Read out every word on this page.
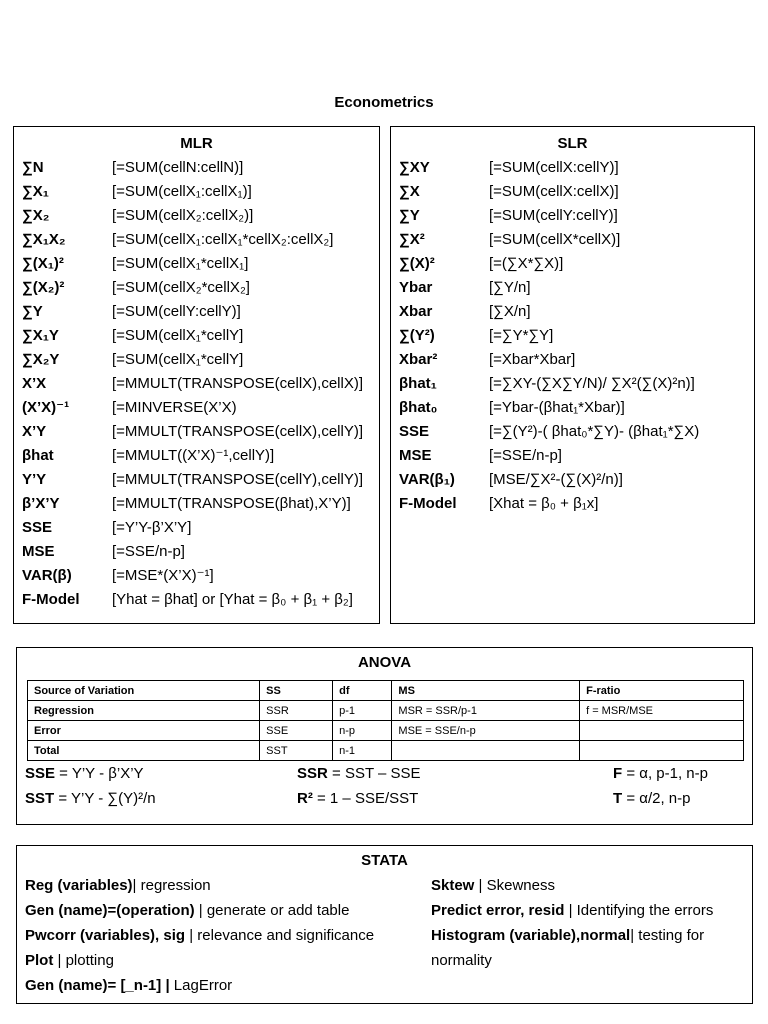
Econometrics
MLR
∑N	[=SUM(cellN:cellN)]
∑X₁	[=SUM(cellX₁:cellX₁)]
∑X₂	[=SUM(cellX₂:cellX₂)]
∑X₁X₂	[=SUM(cellX₁:cellX₁*cellX₂:cellX₂]
∑(X₁)²	[=SUM(cellX₁*cellX₁]
∑(X₂)²	[=SUM(cellX₂*cellX₂]
∑Y	[=SUM(cellY:cellY)]
∑X₁Y	[=SUM(cellX₁*cellY]
∑X₂Y	[=SUM(cellX₁*cellY]
X’X	[=MMULT(TRANSPOSE(cellX),cellX)]
(X’X)⁻¹	[=MINVERSE(X’X)
X’Y	[=MMULT(TRANSPOSE(cellX),cellY)]
βhat	[=MMULT((X’X)⁻¹,cellY)]
Y’Y	[=MMULT(TRANSPOSE(cellY),cellY)]
β’X’Y	[=MMULT(TRANSPOSE(βhat),X’Y)]
SSE	[=Y’Y-β’X’Y]
MSE	[=SSE/n-p]
VAR(β)	[=MSE*(X’X)⁻¹]
F-Model [Yhat = βhat] or [Yhat = β₀ + β₁ + β₂]
SLR
∑XY	[=SUM(cellX:cellY)]
∑X	[=SUM(cellX:cellX)]
∑Y	[=SUM(cellY:cellY)]
∑X²	[=SUM(cellX*cellX)]
∑(X)²	[=(∑X*∑X)]
Ybar	[∑Y/n]
Xbar	[∑X/n]
∑(Y²)	[=∑Y*∑Y]
Xbar²	[=Xbar*Xbar]
βhat₁	[=∑XY-(∑X∑Y/N)/ ∑X²(∑(X)²n)]
βhat₀	[=Ybar-(βhat₁*Xbar)]
SSE	[=∑(Y²)-( βhat₀*∑Y)- (βhat₁*∑X)
MSE	[=SSE/n-p]
VAR(β₁) [MSE/∑X²-(∑(X)²/n)]
F-Model [Xhat = β₀ + β₁x]
ANOVA
Source of Variation	SS	df	MS	F-ratio
Regression	SSR	p-1	MSR = SSR/p-1	f = MSR/MSE
Error	SSE	n-p	MSE = SSE/n-p	
Total	SST	n-1		
SSE = Y’Y - β’X’Y
SST = Y’Y - ∑(Y)²/n
SSR = SST – SSE
R² = 1 – SSE/SST
F = α, p-1, n-p
T = α/2, n-p
STATA
Reg (variables)| regression
Gen (name)=(operation) | generate or add table
Pwcorr (variables), sig | relevance and significance
Plot | plotting
Gen (name)= [_n-1] | LagError
Sktew | Skewness
Predict error, resid | Identifying the errors
Histogram (variable),normal| testing for
normality
